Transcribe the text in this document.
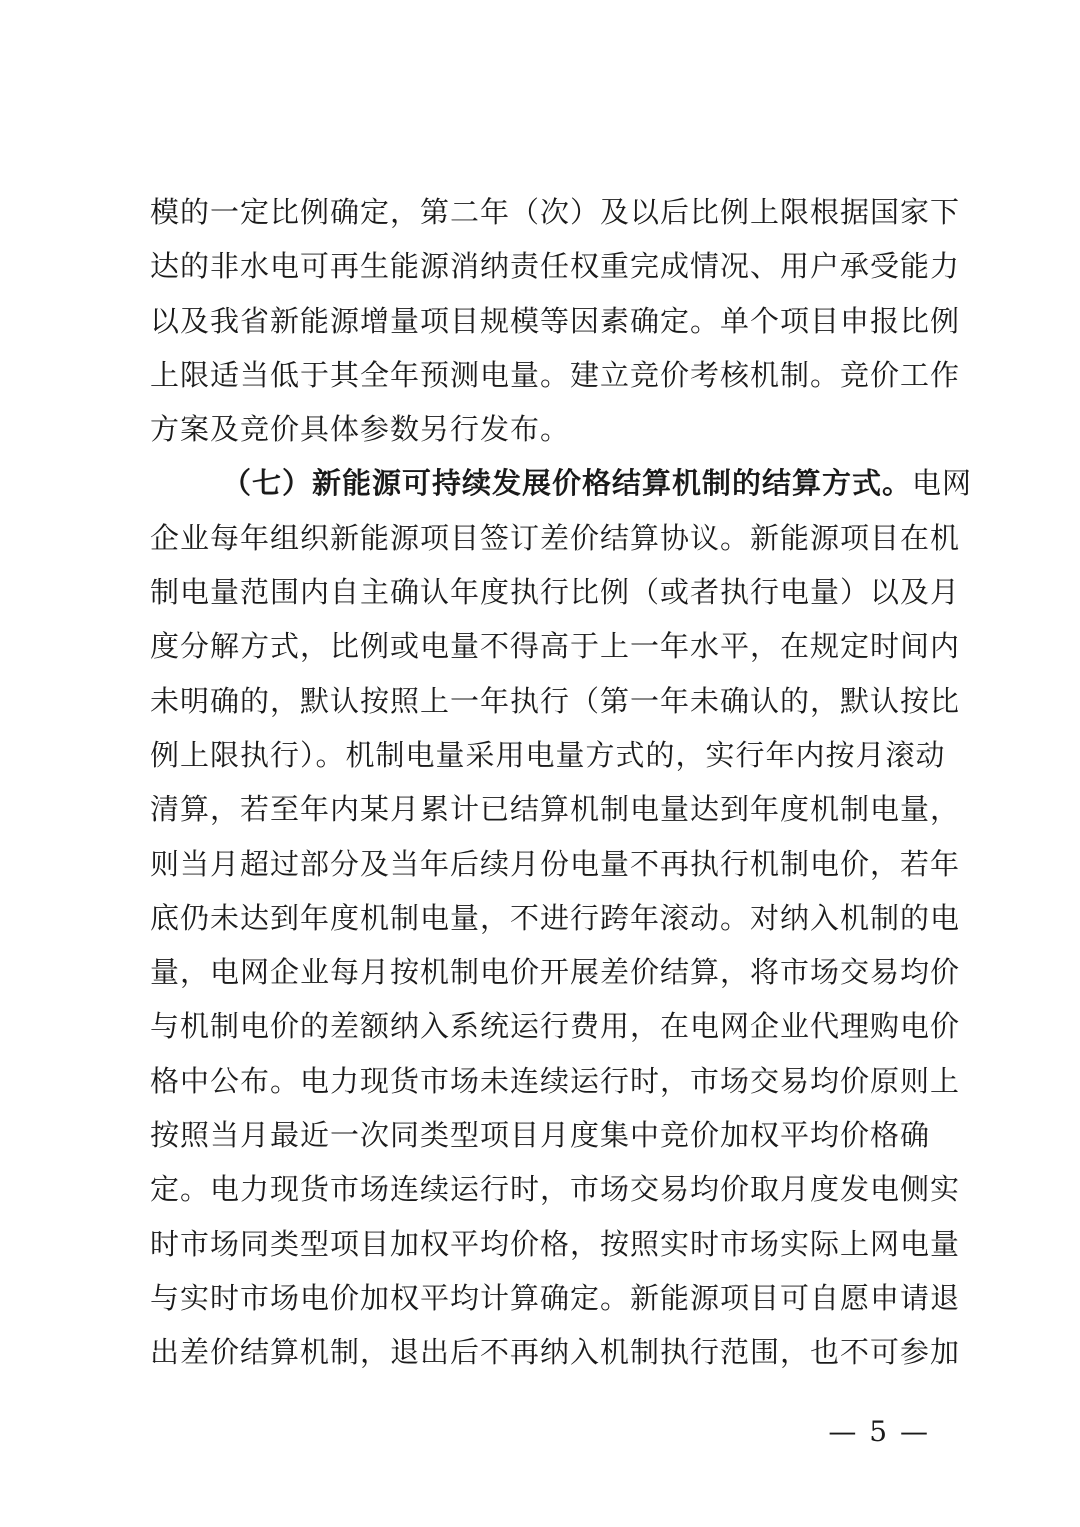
模的一定比例确定，第二年（次）及以后比例上限根据国家下
达的非水电可再生能源消纳责任权重完成情况、用户承受能力
以及我省新能源增量项目规模等因素确定。单个项目申报比例
上限适当低于其全年预测电量。建立竞价考核机制。竞价工作
方案及竞价具体参数另行发布。
（七）新能源可持续发展价格结算机制的结算方式。电网
企业每年组织新能源项目签订差价结算协议。新能源项目在机
制电量范围内自主确认年度执行比例（或者执行电量）以及月
度分解方式，比例或电量不得高于上一年水平，在规定时间内
未明确的，默认按照上一年执行（第一年未确认的，默认按比
例上限执行）。机制电量采用电量方式的，实行年内按月滚动
清算，若至年内某月累计已结算机制电量达到年度机制电量，
则当月超过部分及当年后续月份电量不再执行机制电价，若年
底仍未达到年度机制电量，不进行跨年滚动。对纳入机制的电
量，电网企业每月按机制电价开展差价结算，将市场交易均价
与机制电价的差额纳入系统运行费用，在电网企业代理购电价
格中公布。电力现货市场未连续运行时，市场交易均价原则上
按照当月最近一次同类型项目月度集中竞价加权平均价格确
定。电力现货市场连续运行时，市场交易均价取月度发电侧实
时市场同类型项目加权平均价格，按照实时市场实际上网电量
与实时市场电价加权平均计算确定。新能源项目可自愿申请退
出差价结算机制，退出后不再纳入机制执行范围，也不可参加
— 5 —
